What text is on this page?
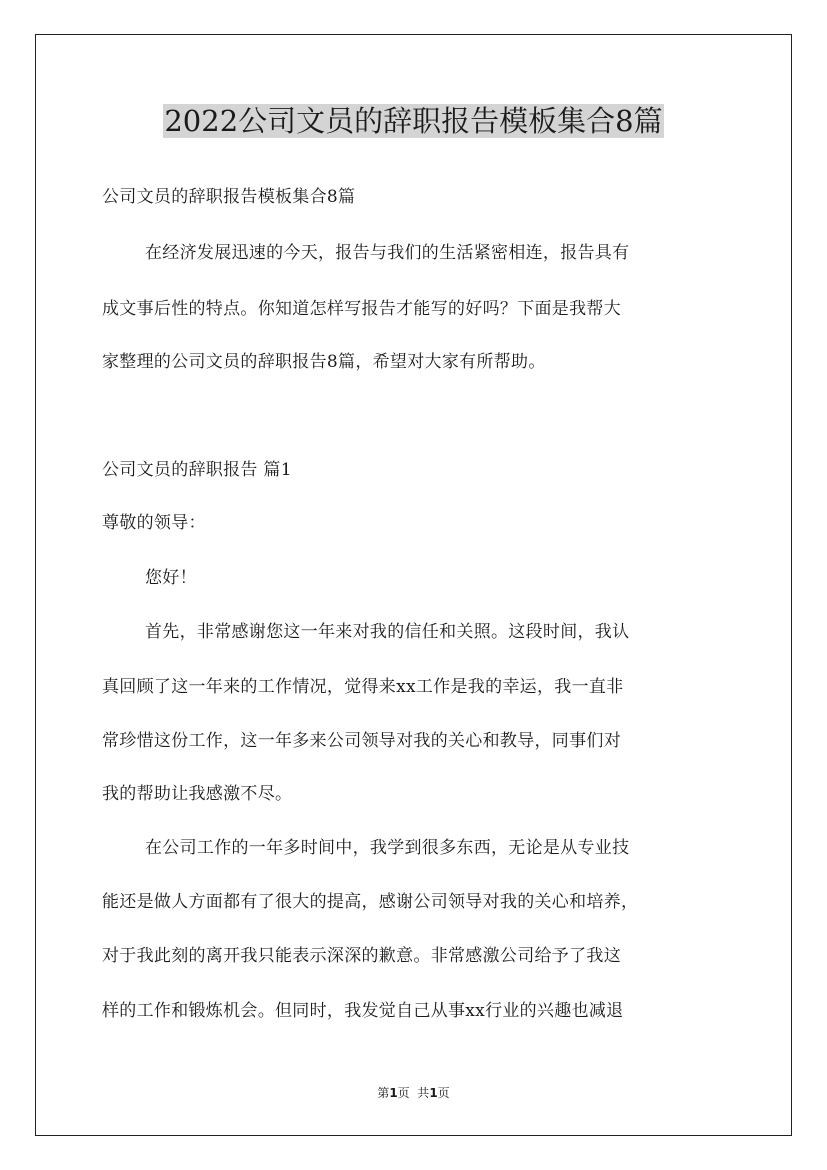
2022公司文员的辞职报告模板集合8篇
公司文员的辞职报告模板集合8篇
在经济发展迅速的今天，报告与我们的生活紧密相连，报告具有
成文事后性的特点。你知道怎样写报告才能写的好吗？下面是我帮大
家整理的公司文员的辞职报告8篇，希望对大家有所帮助。
公司文员的辞职报告 篇1
尊敬的领导：
您好！
首先，非常感谢您这一年来对我的信任和关照。这段时间，我认
真回顾了这一年来的工作情况，觉得来xx工作是我的幸运，我一直非
常珍惜这份工作，这一年多来公司领导对我的关心和教导，同事们对
我的帮助让我感激不尽。
在公司工作的一年多时间中，我学到很多东西，无论是从专业技
能还是做人方面都有了很大的提高，感谢公司领导对我的关心和培养，
对于我此刻的离开我只能表示深深的歉意。非常感激公司给予了我这
样的工作和锻炼机会。但同时，我发觉自己从事xx行业的兴趣也减退
第1页  共1页
